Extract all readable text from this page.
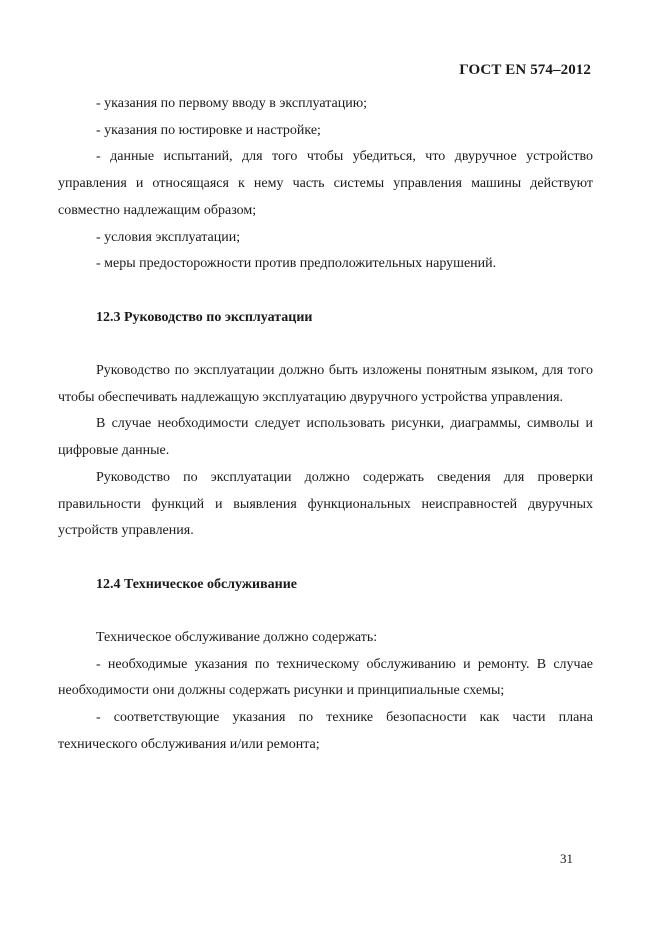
ГОСТ EN 574–2012

- указания по первому вводу в эксплуатацию;

- указания по юстировке и настройке;

- данные испытаний, для того чтобы убедиться, что двуручное устройство управления и относящаяся к нему часть системы управления машины действуют совместно надлежащим образом;

- условия эксплуатации;

- меры предосторожности против предположительных нарушений.

12.3 Руководство по эксплуатации

Руководство по эксплуатации должно быть изложены понятным языком, для того чтобы обеспечивать надлежащую эксплуатацию двуручного устройства управления.

В случае необходимости следует использовать рисунки, диаграммы, символы и цифровые данные.

Руководство по эксплуатации должно содержать сведения для проверки правильности функций и выявления функциональных неисправностей двуручных устройств управления.

12.4 Техническое обслуживание

Техническое обслуживание должно содержать:

- необходимые указания по техническому обслуживанию и ремонту. В случае необходимости они должны содержать рисунки и принципиальные схемы;

- соответствующие указания по технике безопасности как части плана технического обслуживания и/или ремонта;

31
